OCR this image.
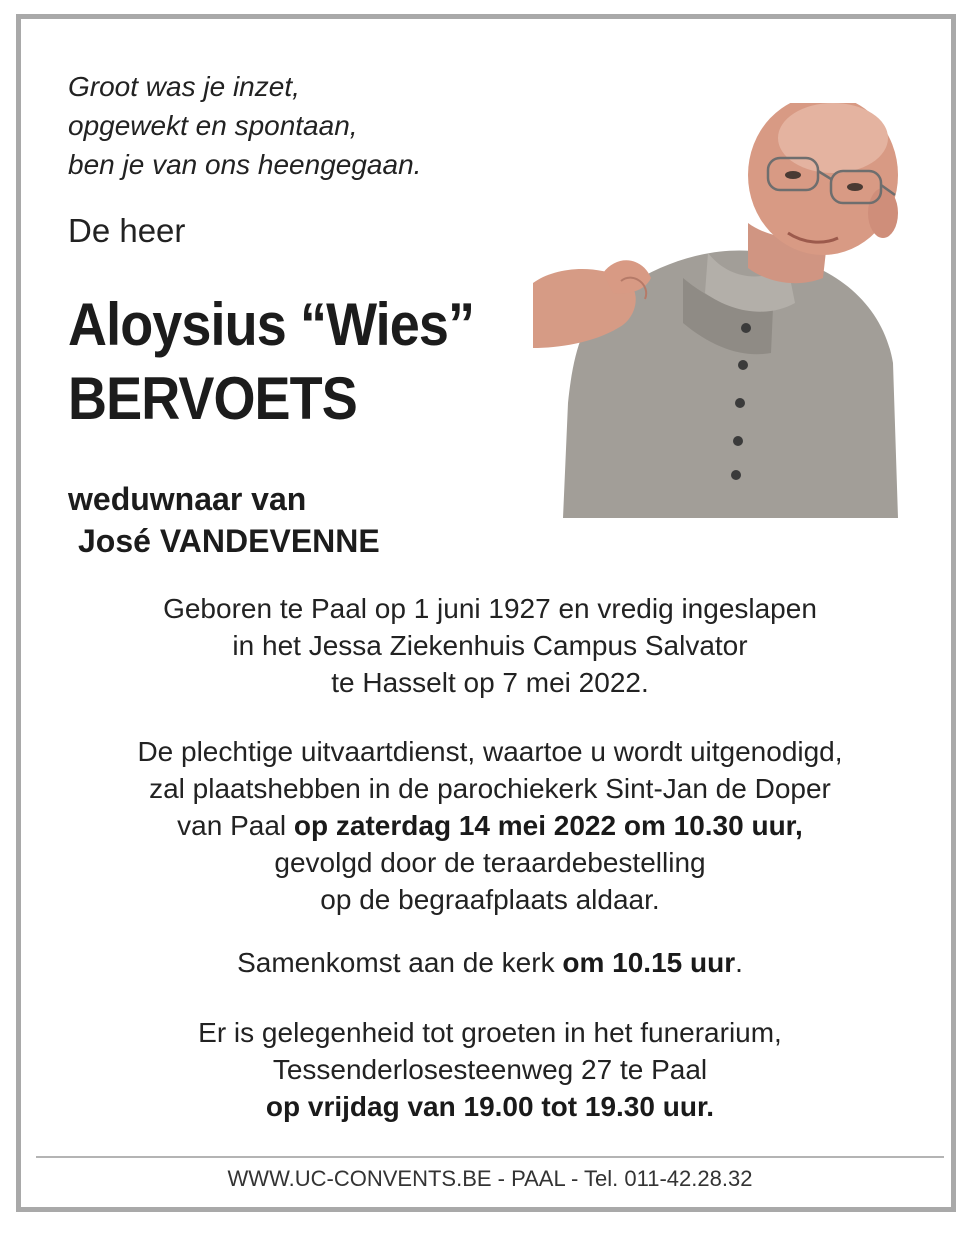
Groot was je inzet,
opgewekt en spontaan,
ben je van ons heengegaan.
De heer
Aloysius “Wies”
BERVOETS
weduwnaar van
José VANDEVENNE
Geboren te Paal op 1 juni 1927 en vredig ingeslapen
in het Jessa Ziekenhuis Campus Salvator
te Hasselt op 7 mei 2022.
De plechtige uitvaartdienst, waartoe u wordt uitgenodigd,
zal plaatshebben in de parochiekerk Sint-Jan de Doper
van Paal op zaterdag 14 mei 2022 om 10.30 uur,
gevolgd door de teraardebestelling
op de begraafplaats aldaar.
Samenkomst aan de kerk om 10.15 uur.
Er is gelegenheid tot groeten in het funerarium,
Tessenderlosesteenweg 27 te Paal
op vrijdag van 19.00 tot 19.30 uur.
WWW.UC-CONVENTS.BE - PAAL - Tel. 011-42.28.32
